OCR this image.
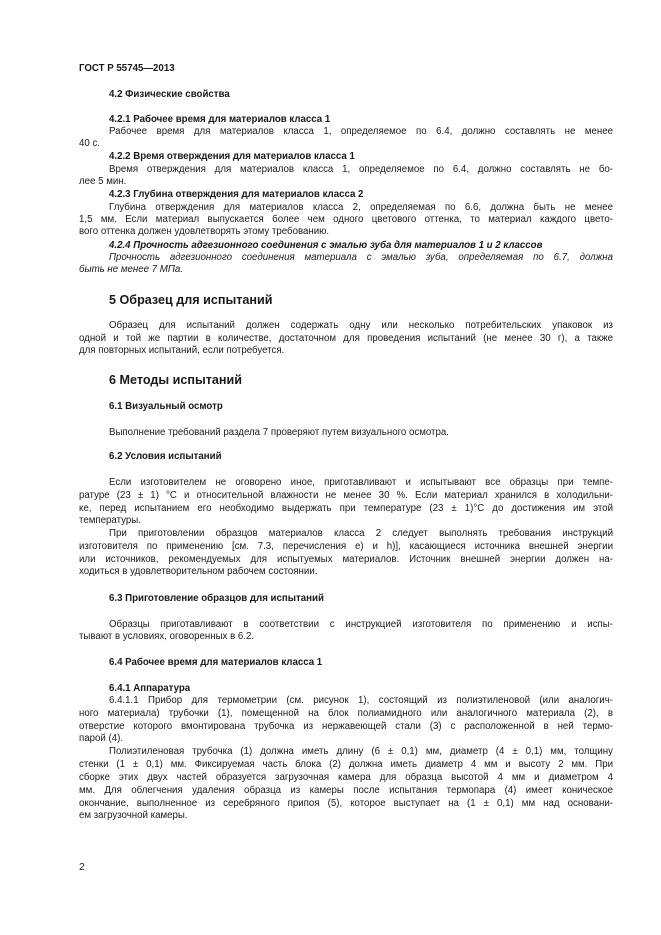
ГОСТ Р 55745—2013
4.2 Физические свойства
4.2.1 Рабочее время для материалов класса 1
Рабочее время для материалов класса 1, определяемое по 6.4, должно составлять не менее
40 с.
4.2.2 Время отверждения для материалов класса 1
Время отверждения для материалов класса 1, определяемое по 6.4, должно составлять не бо-
лее 5 мин.
4.2.3 Глубина отверждения для материалов класса 2
Глубина отверждения для материалов класса 2, определяемая по 6.6, должна быть не менее
1,5 мм. Если материал выпускается более чем одного цветового оттенка, то материал каждого цвето-
вого оттенка должен удовлетворять этому требованию.
4.2.4 Прочность адгезионного соединения с эмалью зуба для материалов 1 и 2 классов
Прочность адгезионного соединения материала с эмалью зуба, определяемая по 6.7, должна
быть не менее 7 МПа.
5 Образец для испытаний
Образец для испытаний должен содержать одну или несколько потребительских упаковок из
одной и той же партии в количестве, достаточном для проведения испытаний (не менее 30 г), а также
для повторных испытаний, если потребуется.
6 Методы испытаний
6.1 Визуальный осмотр
Выполнение требований раздела 7 проверяют путем визуального осмотра.
6.2 Условия испытаний
Если изготовителем не оговорено иное, приготавливают и испытывают все образцы при темпе-
ратуре (23 ± 1) °С и относительной влажности не менее 30 %. Если материал хранился в холодильни-
ке, перед испытанием его необходимо выдержать при температуре (23 ± 1)°С до достижения им этой
температуры.
При приготовлении образцов материалов класса 2 следует выполнять требования инструкций
изготовителя по применению [см. 7.3, перечисления е) и h)], касающиеся источника внешней энергии
или источников, рекомендуемых для испытуемых материалов. Источник внешней энергии должен на-
ходиться в удовлетворительном рабочем состоянии.
6.3 Приготовление образцов для испытаний
Образцы приготавливают в соответствии с инструкцией изготовителя по применению и испы-
тывают в условиях, оговоренных в 6.2.
6.4 Рабочее время для материалов класса 1
6.4.1 Аппаратура
6.4.1.1 Прибор для термометрии (см. рисунок 1), состоящий из полиэтиленовой (или аналогич-
ного материала) трубочки (1), помещенной на блок полиамидного или аналогичного материала (2), в
отверстие которого вмонтирована трубочка из нержавеющей стали (3) с расположенной в ней термо-
парой (4).
Полиэтиленовая трубочка (1) должна иметь длину (6 ± 0,1) мм, диаметр (4 ± 0,1) мм, толщину
стенки (1 ± 0,1) мм. Фиксируемая часть блока (2) должна иметь диаметр 4 мм и высоту 2 мм. При
сборке этих двух частей образуется загрузочная камера для образца высотой 4 мм и диаметром 4
мм. Для облегчения удаления образца из камеры после испытания термопара (4) имеет коническое
окончание, выполненное из серебряного припоя (5), которое выступает на (1 ± 0,1) мм над основани-
ем загрузочной камеры.
2
